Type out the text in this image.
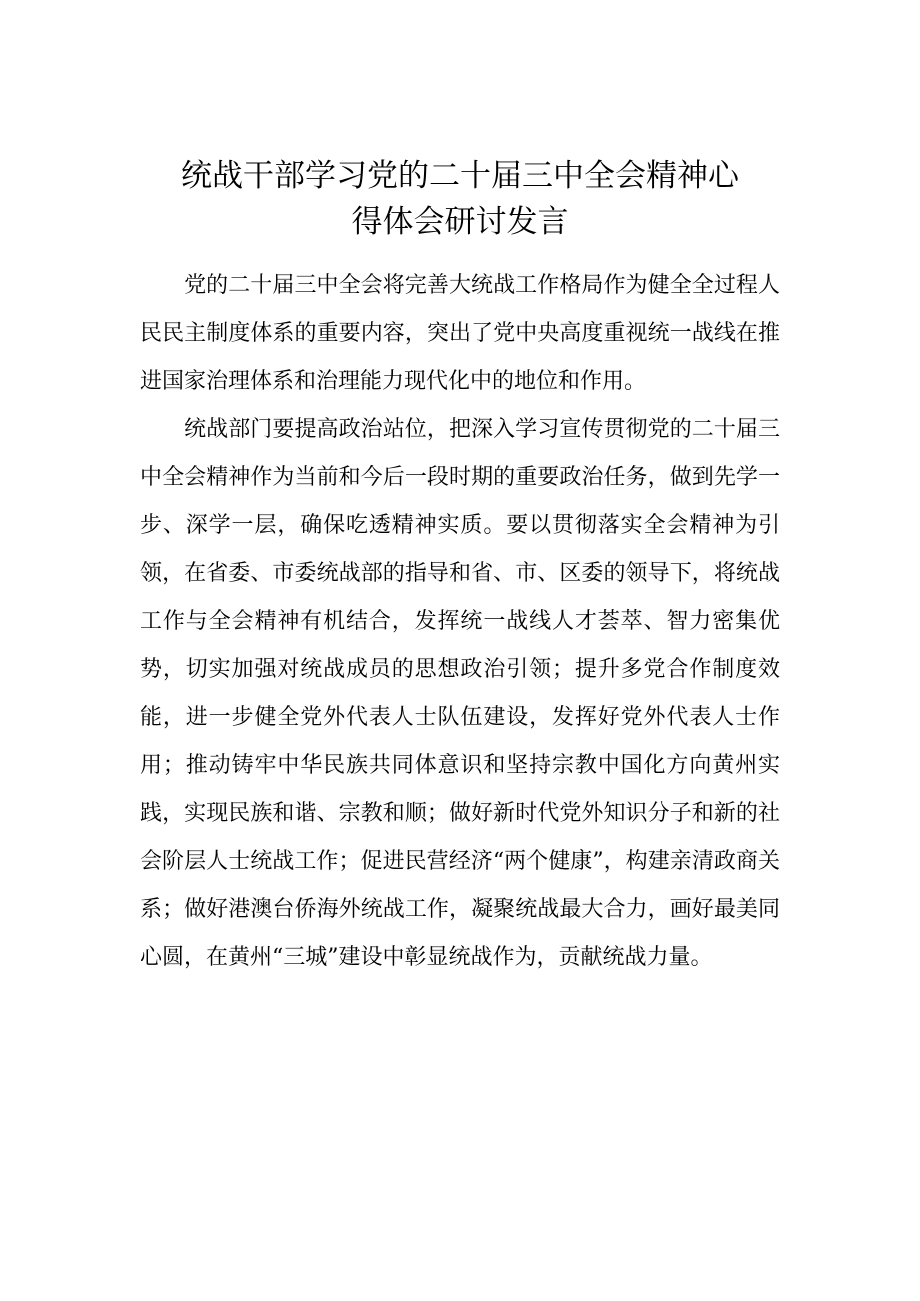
统战干部学习党的二十届三中全会精神心
得体会研讨发言

党的二十届三中全会将完善大统战工作格局作为健全全过程人民民主制度体系的重要内容，突出了党中央高度重视统一战线在推进国家治理体系和治理能力现代化中的地位和作用。

统战部门要提高政治站位，把深入学习宣传贯彻党的二十届三中全会精神作为当前和今后一段时期的重要政治任务，做到先学一步、深学一层，确保吃透精神实质。要以贯彻落实全会精神为引领，在省委、市委统战部的指导和省、市、区委的领导下，将统战工作与全会精神有机结合，发挥统一战线人才荟萃、智力密集优势，切实加强对统战成员的思想政治引领；提升多党合作制度效能，进一步健全党外代表人士队伍建设，发挥好党外代表人士作用；推动铸牢中华民族共同体意识和坚持宗教中国化方向黄州实践，实现民族和谐、宗教和顺；做好新时代党外知识分子和新的社会阶层人士统战工作；促进民营经济“两个健康”，构建亲清政商关系；做好港澳台侨海外统战工作，凝聚统战最大合力，画好最美同心圆，在黄州“三城”建设中彰显统战作为，贡献统战力量。
